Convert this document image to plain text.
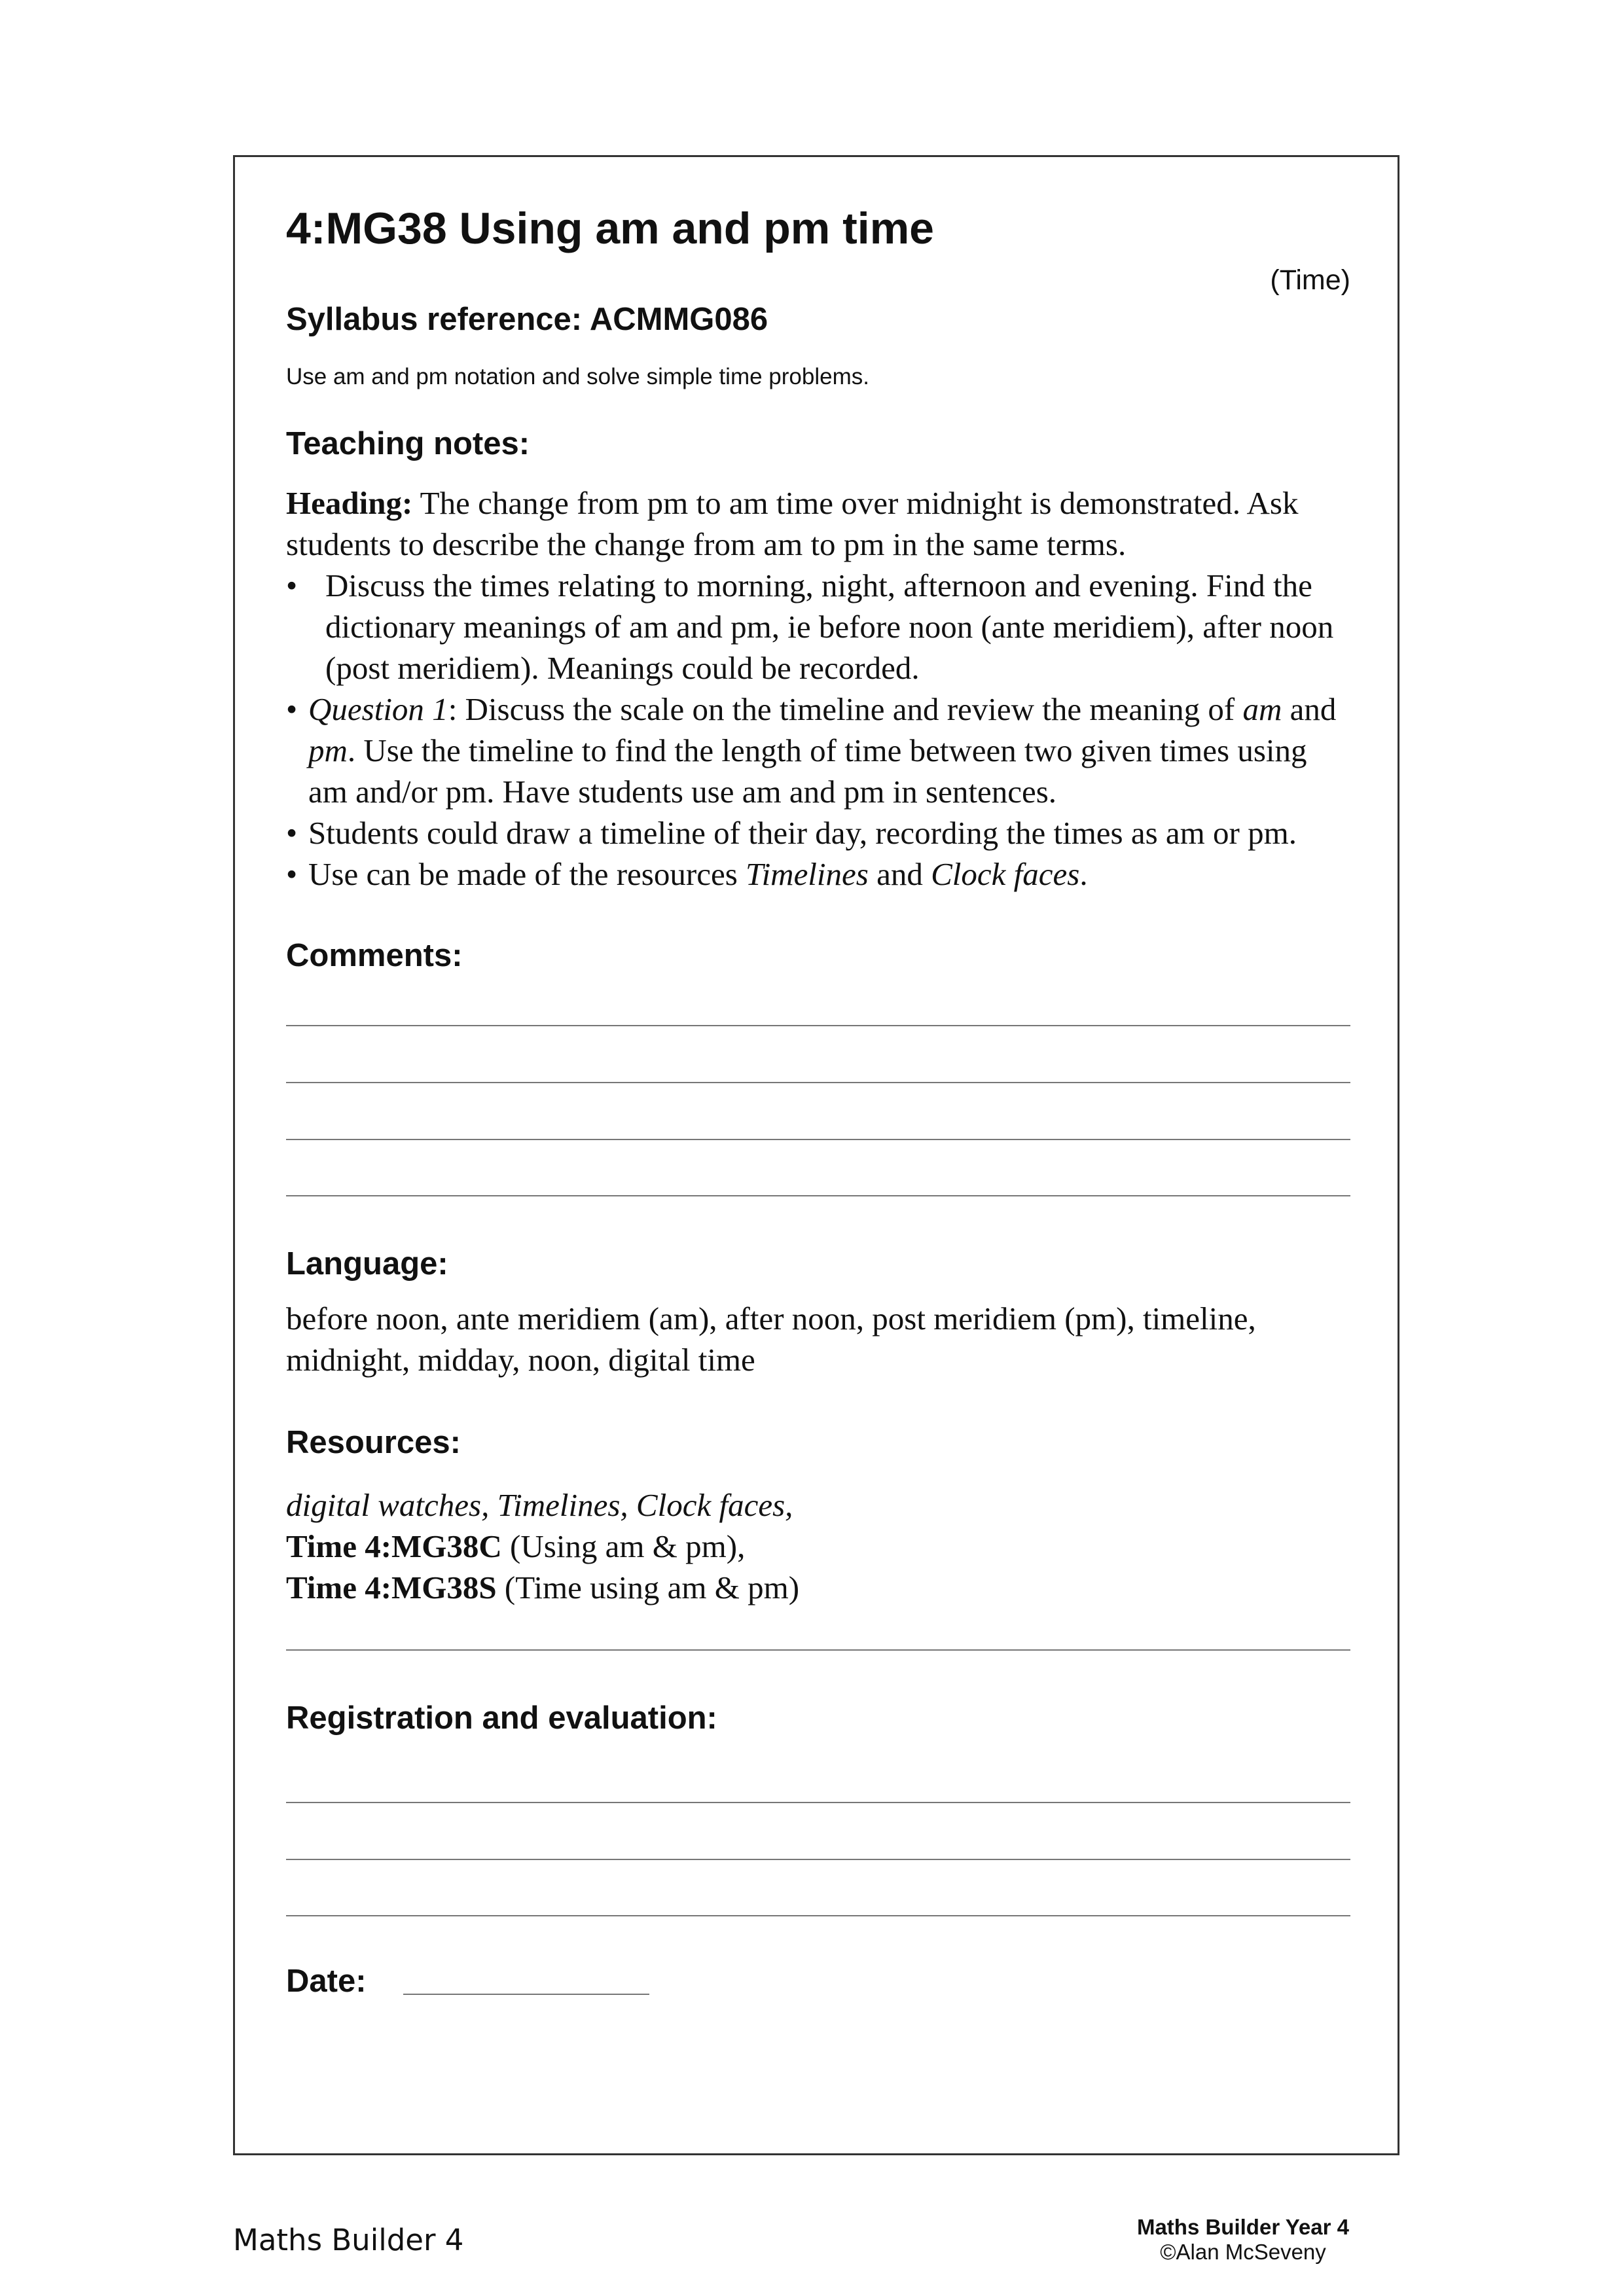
4:MG38 Using am and pm time
(Time)
Syllabus reference: ACMMG086
Use am and pm notation and solve simple time problems.
Teaching notes:

Heading: The change from pm to am time over midnight is demonstrated. Ask students to describe the change from am to pm in the same terms.

• Discuss the times relating to morning, night, afternoon and evening. Find the dictionary meanings of am and pm, ie before noon (ante meridiem), after noon (post meridiem). Meanings could be recorded.
• Question 1: Discuss the scale on the timeline and review the meaning of am and pm. Use the timeline to find the length of time between two given times using am and/or pm. Have students use am and pm in sentences.
• Students could draw a timeline of their day, recording the times as am or pm.
• Use can be made of the resources Timelines and Clock faces.
Comments:
Language:
before noon, ante meridiem (am), after noon, post meridiem (pm), timeline, midnight, midday, noon, digital time
Resources:
digital watches, Timelines, Clock faces,
Time 4:MG38C (Using am & pm),
Time 4:MG38S (Time using am & pm)
Registration and evaluation:
Date:
Maths Builder 4	Maths Builder Year 4
©Alan McSeveny
